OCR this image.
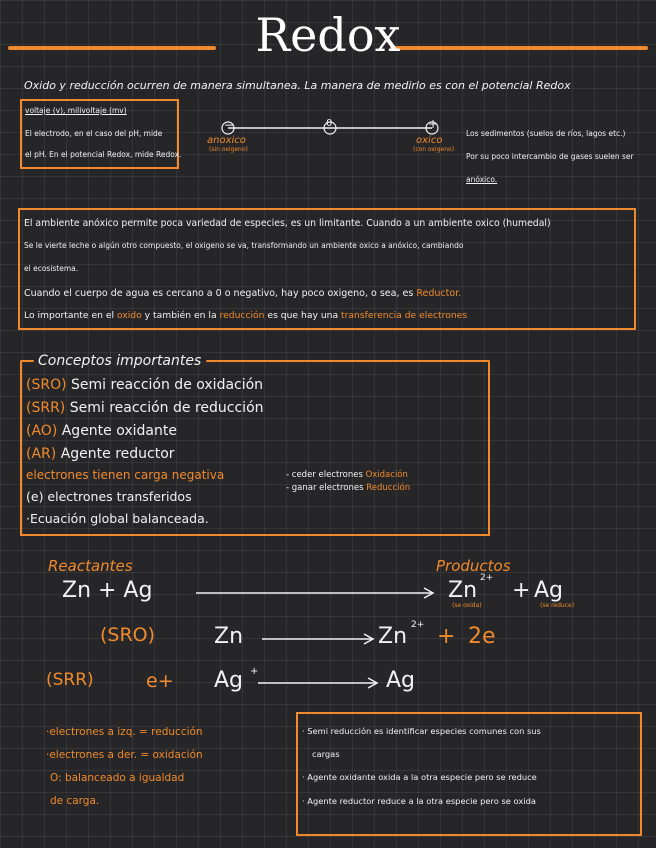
Redox
Oxido y reducción ocurren de manera simultanea. La manera de medirlo es con el potencial Redox
voltaje (v), milivoltaje (mv)
El electrodo, en el caso del pH, mide
el pH. En el potencial Redox, mide Redox.
−	0	+
anoxico
(sin oxigeno)
oxico
(con oxigeno)
Los sedimentos (suelos de ríos, lagos etc.)
Por su poco intercambio de gases suelen ser
anóxico.
El ambiente anóxico permite poca variedad de especies, es un limitante. Cuando a un ambiente oxico (humedal)
Se le vierte leche o algún otro compuesto, el oxigeno se va, transformando un ambiente oxico a anóxico, cambiando
el ecosistema.
Cuando el cuerpo de agua es cercano a 0 o negativo, hay poco oxigeno, o sea, es Reductor.
Lo importante en el oxido y también en la reducción es que hay una transferencia de electrones
Conceptos importantes
(SRO) Semi reacción de oxidación
(SRR) Semi reacción de reducción
(AO) Agente oxidante
(AR) Agente reductor
electrones tienen carga negativa	- ceder electrones Oxidación
- ganar electrones Reducción
(e) electrones transferidos
·Ecuación global balanceada.
Reactantes	Productos
Zn + Ag	Zn 2+ + Ag
(se oxida)	(se reduce)
(SRO)	Zn	Zn 2+ + 2e
(SRR)	e+ Ag +	Ag
·electrones a izq. = reducción
·electrones a der. = oxidación
O: balanceado a igualdad
de carga.
· Semi reducción es identificar especies comunes con sus
cargas
· Agente oxidante oxida a la otra especie pero se reduce
· Agente reductor reduce a la otra especie pero se oxida
